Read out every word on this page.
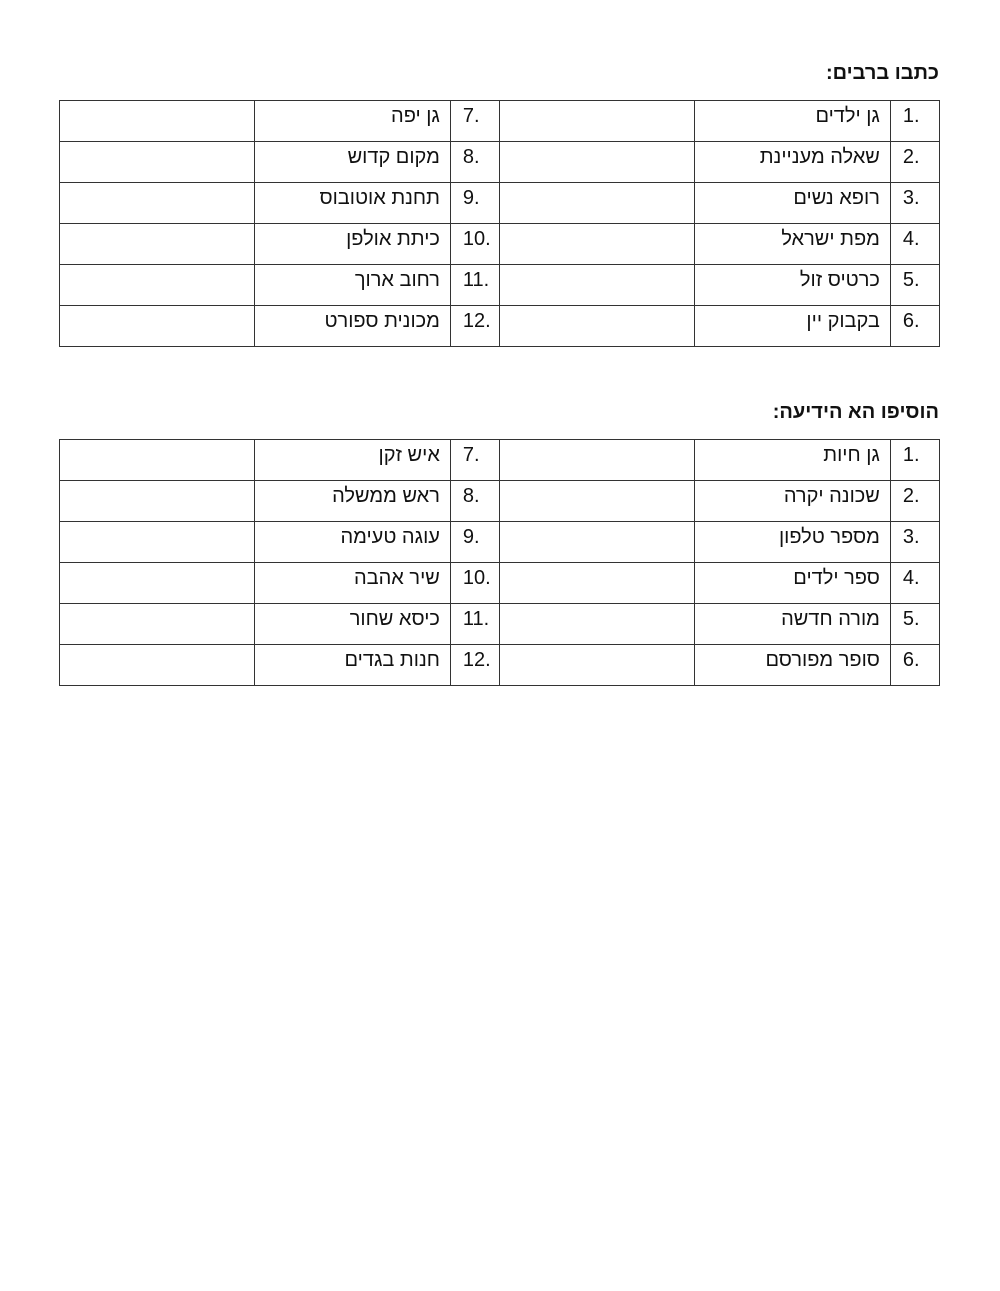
כתבו ברבים:
1.	גן ילדים		7.	גן יפה	
2.	שאלה מעניינת		8.	מקום קדוש	
3.	רופא נשים		9.	תחנת אוטובוס	
4.	מפת ישראל		10.	כיתת אולפן	
5.	כרטיס זול		11.	רחוב ארוך	
6.	בקבוק יין		12.	מכונית ספורט	
הוסיפו הא הידיעה:
1.	גן חיות		7.	איש זקן	
2.	שכונה יקרה		8.	ראש ממשלה	
3.	מספר טלפון		9.	עוגה טעימה	
4.	ספר ילדים		10.	שיר אהבה	
5.	מורה חדשה		11.	כיסא שחור	
6.	סופר מפורסם		12.	חנות בגדים	
